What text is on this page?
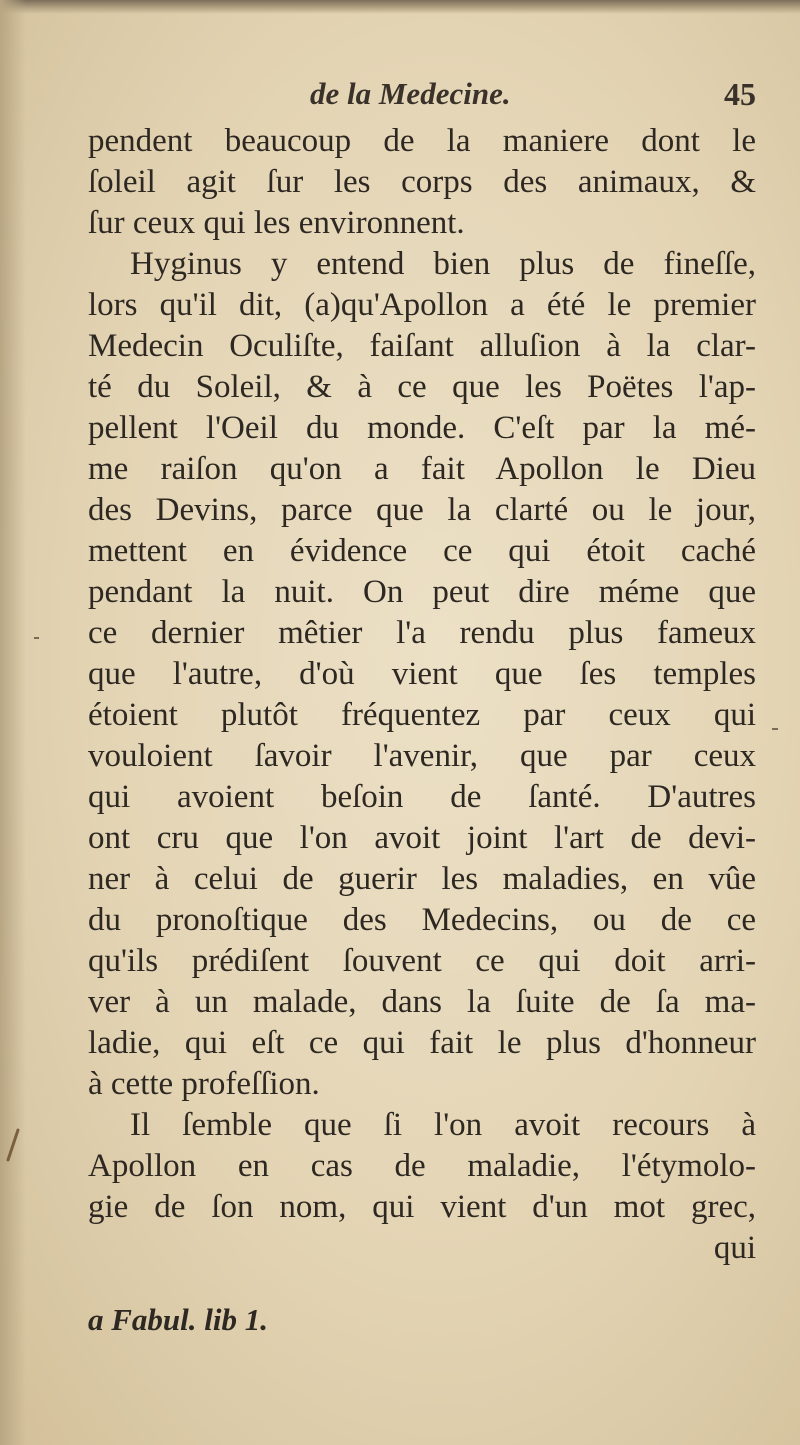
de la Medecine.	45
pendent beaucoup de la maniere dont le
ſoleil agit ſur les corps des animaux, &
ſur ceux qui les environnent.
Hyginus y entend bien plus de fineſſe,
lors qu'il dit, (a)qu'Apollon a été le premier
Medecin Oculiſte, faiſant alluſion à la clar-
té du Soleil, & à ce que les Poëtes l'ap-
pellent l'Oeil du monde. C'eſt par la mé-
me raiſon qu'on a fait Apollon le Dieu
des Devins, parce que la clarté ou le jour,
mettent en évidence ce qui étoit caché
pendant la nuit. On peut dire méme que
ce dernier mêtier l'a rendu plus fameux
que l'autre, d'où vient que ſes temples
étoient plutôt fréquentez par ceux qui
vouloient ſavoir l'avenir, que par ceux
qui avoient beſoin de ſanté. D'autres
ont cru que l'on avoit joint l'art de devi-
ner à celui de guerir les maladies, en vûe
du pronoſtique des Medecins, ou de ce
qu'ils prédiſent ſouvent ce qui doit arri-
ver à un malade, dans la ſuite de ſa ma-
ladie, qui eſt ce qui fait le plus d'honneur
à cette profeſſion.
Il ſemble que ſi l'on avoit recours à
Apollon en cas de maladie, l'étymolo-
gie de ſon nom, qui vient d'un mot grec,
qui
a Fabul. lib 1.
